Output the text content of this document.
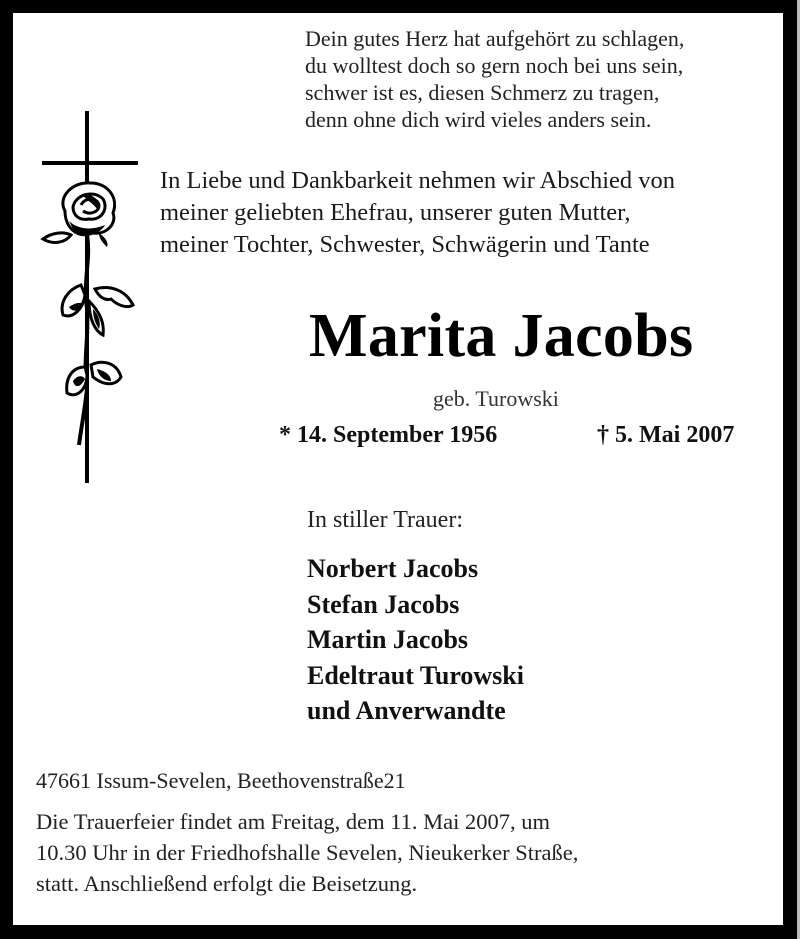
Dein gutes Herz hat aufgehört zu schlagen,
du wolltest doch so gern noch bei uns sein,
schwer ist es, diesen Schmerz zu tragen,
denn ohne dich wird vieles anders sein.
In Liebe und Dankbarkeit nehmen wir Abschied von
meiner geliebten Ehefrau, unserer guten Mutter,
meiner Tochter, Schwester, Schwägerin und Tante
Marita Jacobs
geb. Turowski
* 14. September 1956	† 5. Mai 2007
In stiller Trauer:
Norbert Jacobs
Stefan Jacobs
Martin Jacobs
Edeltraut Turowski
und Anverwandte
47661 Issum-Sevelen, Beethovenstraße21
Die Trauerfeier findet am Freitag, dem 11. Mai 2007, um
10.30 Uhr in der Friedhofshalle Sevelen, Nieukerker Straße,
statt. Anschließend erfolgt die Beisetzung.
